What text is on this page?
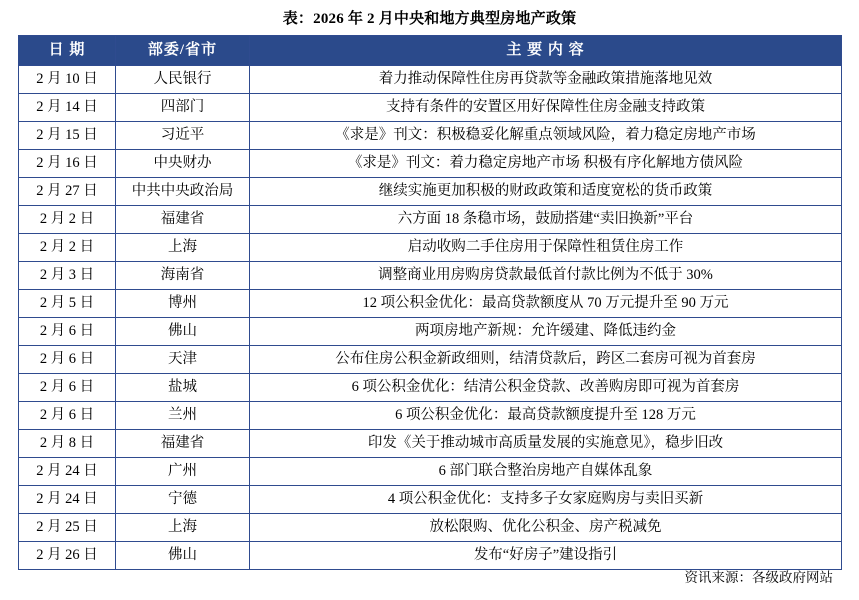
表：2026 年 2 月中央和地方典型房地产政策
日 期	部委/省市	主 要 内 容
2 月 10 日	人民银行	着力推动保障性住房再贷款等金融政策措施落地见效
2 月 14 日	四部门	支持有条件的安置区用好保障性住房金融支持政策
2 月 15 日	习近平	《求是》刊文：积极稳妥化解重点领域风险，着力稳定房地产市场
2 月 16 日	中央财办	《求是》刊文：着力稳定房地产市场 积极有序化解地方债风险
2 月 27 日	中共中央政治局	继续实施更加积极的财政政策和适度宽松的货币政策
2 月 2 日	福建省	六方面 18 条稳市场，鼓励搭建“卖旧换新”平台
2 月 2 日	上海	启动收购二手住房用于保障性租赁住房工作
2 月 3 日	海南省	调整商业用房购房贷款最低首付款比例为不低于 30%
2 月 5 日	博州	12 项公积金优化：最高贷款额度从 70 万元提升至 90 万元
2 月 6 日	佛山	两项房地产新规：允许缓建、降低违约金
2 月 6 日	天津	公布住房公积金新政细则，结清贷款后，跨区二套房可视为首套房
2 月 6 日	盐城	6 项公积金优化：结清公积金贷款、改善购房即可视为首套房
2 月 6 日	兰州	6 项公积金优化：最高贷款额度提升至 128 万元
2 月 8 日	福建省	印发《关于推动城市高质量发展的实施意见》，稳步旧改
2 月 24 日	广州	6 部门联合整治房地产自媒体乱象
2 月 24 日	宁德	4 项公积金优化：支持多子女家庭购房与卖旧买新
2 月 25 日	上海	放松限购、优化公积金、房产税减免
2 月 26 日	佛山	发布“好房子”建设指引
资讯来源：各级政府网站
